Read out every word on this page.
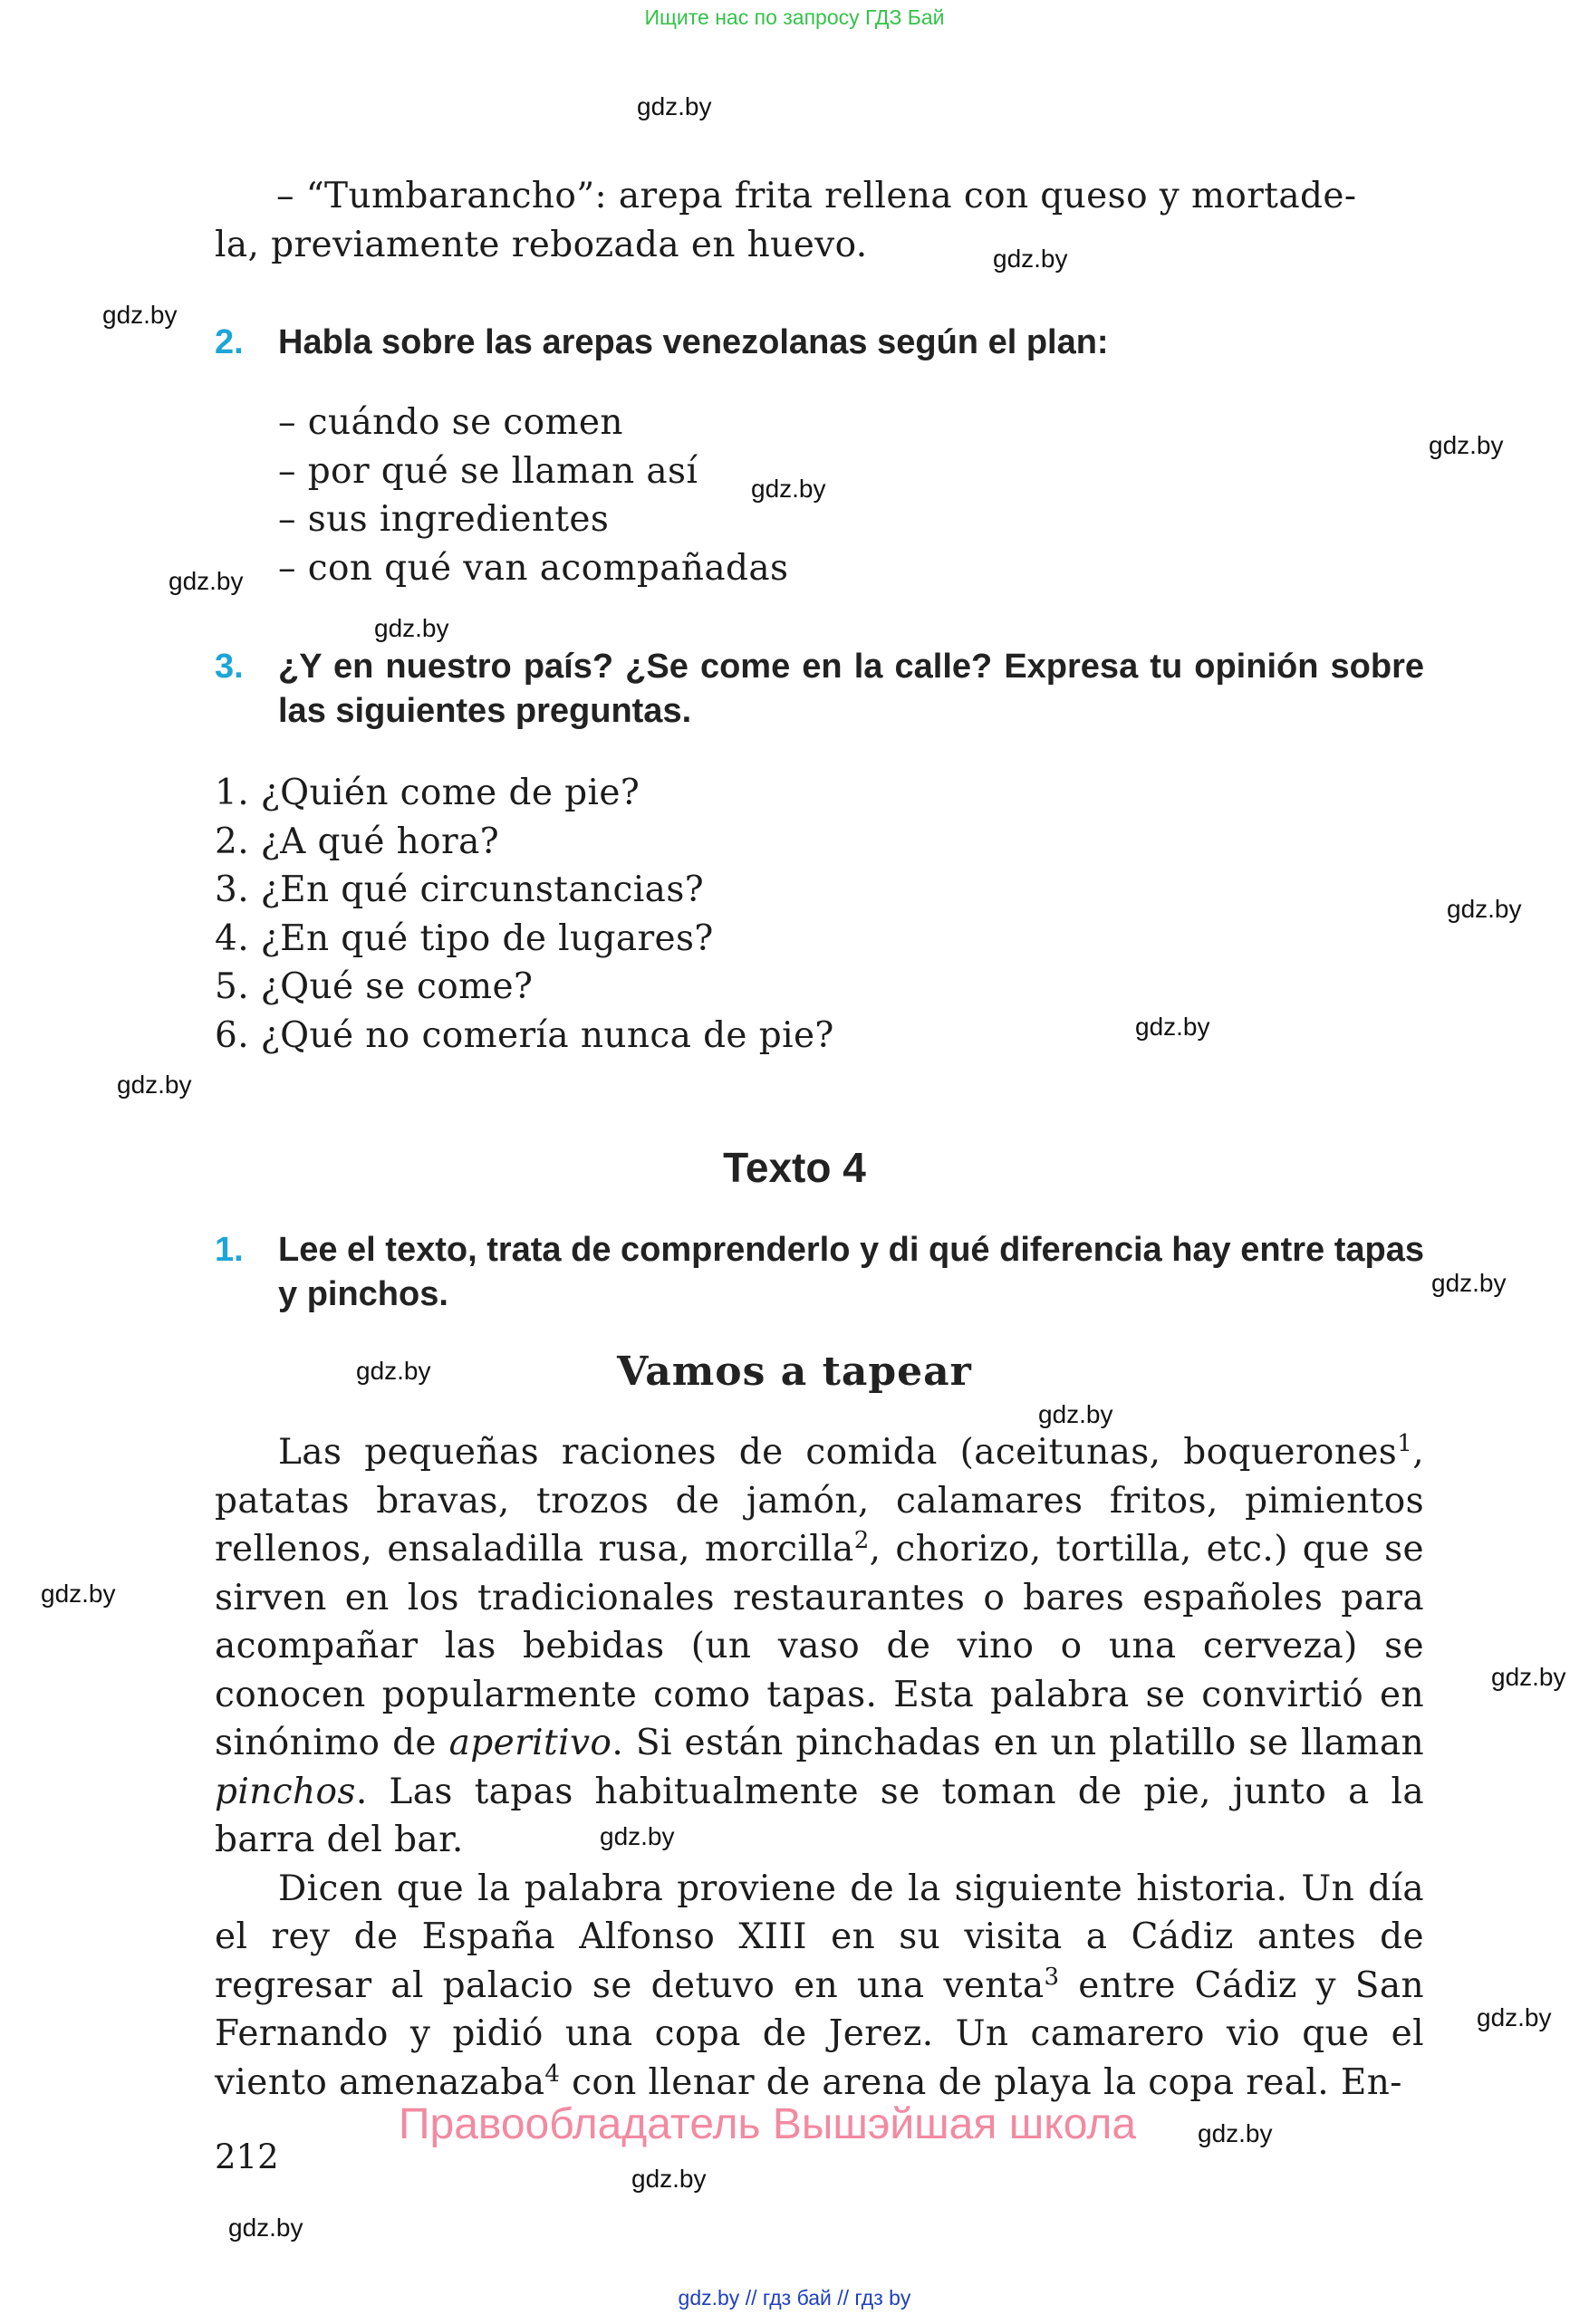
Ищите нас по запросу ГДЗ Бай
gdz.by
gdz.by
gdz.by
gdz.by
gdz.by
gdz.by
gdz.by
gdz.by
gdz.by
gdz.by
gdz.by
gdz.by
gdz.by
gdz.by
gdz.by
gdz.by
gdz.by
gdz.by
gdz.by
gdz.by
– “Tumbarancho”: arepa frita rellena con queso y mortade-
la, previamente rebozada en huevo.
2. Habla sobre las arepas venezolanas según el plan:
– cuándo se comen
– por qué se llaman así
– sus ingredientes
– con qué van acompañadas
3. ¿Y en nuestro país? ¿Se come en la calle? Expresa tu opinión sobre las siguientes preguntas.
1. ¿Quién come de pie?
2. ¿A qué hora?
3. ¿En qué circunstancias?
4. ¿En qué tipo de lugares?
5. ¿Qué se come?
6. ¿Qué no comería nunca de pie?
Texto 4
1. Lee el texto, trata de comprenderlo y di qué diferencia hay entre tapas y pinchos.
Vamos a tapear

Las pequeñas raciones de comida (aceitunas, boquerones$^1$, patatas bravas, trozos de jamón, calamares fritos, pimientos rellenos, ensaladilla rusa, morcilla$^2$, chorizo, tortilla, etc.) que se sirven en los tradicionales restaurantes o bares españoles para acompañar las bebidas (un vaso de vino o una cerveza) se conocen popularmente como tapas. Esta palabra se convirtió en sinónimo de aperitivo. Si están pinchadas en un platillo se llaman pinchos. Las tapas habitualmente se toman de pie, junto a la barra del bar.

Dicen que la palabra proviene de la siguiente historia. Un día el rey de España Alfonso XIII en su visita a Cádiz antes de regresar al palacio se detuvo en una venta$^3$ entre Cádiz y San Fernando y pidió una copa de Jerez. Un camarero vio que el viento amenazaba$^4$ con llenar de arena de playa la copa real. En-

Правообладатель Вышэйшая школа
212
gdz.by // гдз бай // гдз by
